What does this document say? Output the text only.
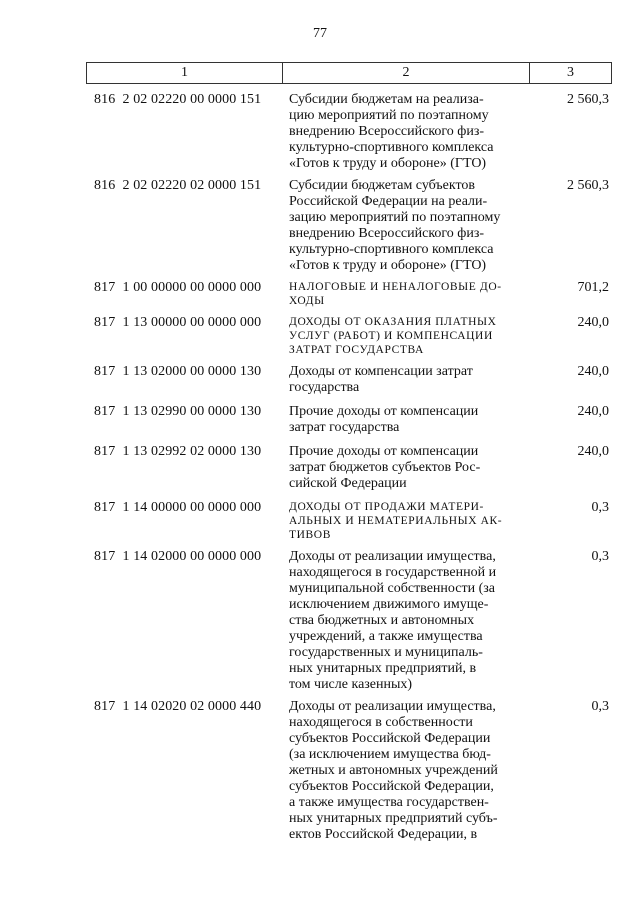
77
1	2	3
816  2 02 02220 00 0000 151 Субсидии бюджетам на реализа-
цию мероприятий по поэтапному
внедрению Всероссийского физ-
культурно-спортивного комплекса
«Готов к труду и обороне» (ГТО)
2 560,3
816  2 02 02220 02 0000 151 Субсидии бюджетам субъектов
Российской Федерации на реали-
зацию мероприятий по поэтапному
внедрению Всероссийского физ-
культурно-спортивного комплекса
«Готов к труду и обороне» (ГТО)
2 560,3
817  1 00 00000 00 0000 000 НАЛОГОВЫЕ И НЕНАЛОГОВЫЕ ДО-
ХОДЫ
701,2
817  1 13 00000 00 0000 000 ДОХОДЫ ОТ ОКАЗАНИЯ ПЛАТНЫХ
УСЛУГ (РАБОТ) И КОМПЕНСАЦИИ
ЗАТРАТ ГОСУДАРСТВА
240,0
817  1 13 02000 00 0000 130 Доходы от компенсации затрат
государства
240,0
817  1 13 02990 00 0000 130 Прочие доходы от компенсации
затрат государства
240,0
817  1 13 02992 02 0000 130 Прочие доходы от компенсации
затрат бюджетов субъектов Рос-
сийской Федерации
240,0
817  1 14 00000 00 0000 000 ДОХОДЫ ОТ ПРОДАЖИ МАТЕРИ-
АЛЬНЫХ И НЕМАТЕРИАЛЬНЫХ АК-
ТИВОВ
0,3
817  1 14 02000 00 0000 000 Доходы от реализации имущества,
находящегося в государственной и
муниципальной собственности (за
исключением движимого имуще-
ства бюджетных и автономных
учреждений, а также имущества
государственных и муниципаль-
ных унитарных предприятий, в
том числе казенных)
0,3
817  1 14 02020 02 0000 440 Доходы от реализации имущества,
находящегося в собственности
субъектов Российской Федерации
(за исключением имущества бюд-
жетных и автономных учреждений
субъектов Российской Федерации,
а также имущества государствен-
ных унитарных предприятий субъ-
ектов Российской Федерации, в
0,3
